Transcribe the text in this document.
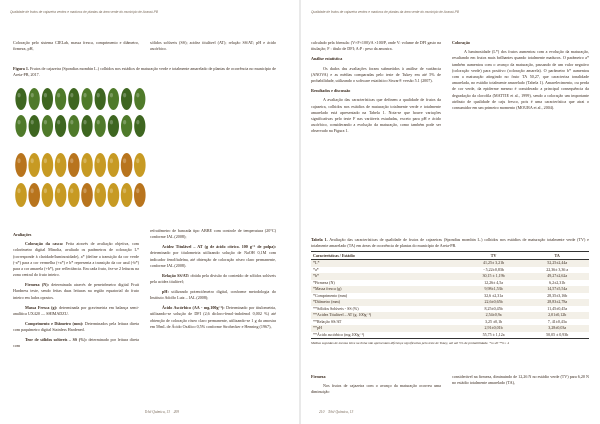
Qualidade de frutos de cajazeira verdes e maduros de plantas da área verde do município de Acaraú-PB

Coloração pelo sistema CIELab, massa fresca, comprimento e diâmetro, firmeza, pH,

sólidos solúveis (SS); acidez titulável (AT); relação SS/AT; pH e ácido ascórbico.

Figura 1. Frutos de cajazeira (Spondias mombin L.) colhidos nos estádios de maturação verde e totalmente amarelado de plantas de ocorrência no município de Areia-PB, 2017.

Avaliações

Coloração da casca: Feita através de avaliação objetiva, com colorímetro digital Minolta, avaliado os parâmetros de coloração L* (corresponde à claridade/luminosidade), a* (define a transição da cor verde (-a*) para a cor vermelha (+a*) e b* representa a transição da cor azul (-b*) para a cor amarela (+b*), por reflectância. Em cada fruto, fez-se 2 leituras na zona central do fruto inteiro.

Firmeza (N): determinada através de penetrômetro digital Fruit Hardness teste, sendo feitas duas leituras na região equatorial do fruto inteiro em lados opostos.

Massa Fresca (g): determinada por gravimetria em balança semi-analítica UX420 — SHIMADZU.

Comprimento e Diâmetro (mm): Determinados pela leitura direta com paquímetro digital Stainless Hardened.

Teor de sólidos solúveis – SS (%): determinado por leitura direta com

refratômetro de bancada tipo ABBE com controle de temperatura (20°C) conforme IAL (2008);

Acidez Titulável – AT (g de ácido cítrico. 100 g⁻¹ de polpa): determinado por titulometria utilizando solução de NaOH 0,1M com indicador fenolftaleína, até obtenção de coloração róseo claro permanente, conforme IAL (2008).

Relação SS/AT: obtida pela divisão do conteúdo de sólidos solúveis pela acidez titulável;

pH: utilizando potenciômetro digital, conforme metodologia do Instituto Adolfo Lutz – IAL (2008);

Ácido Ascórbico (AA - mg.100g⁻¹): Determinado por titulometria, utilizando-se solução de DFI (2,6 dicloro-fenol-indofenol 0,002 %) até obtenção de coloração róseo claro permanente, utilizando-se 1 g da amostra em 50mL de Ácido Oxálico 0,5% conforme Strohecker e Henning (1967),

Tchê Química, 13 209
Qualidade de frutos de cajazeira verdes e maduros de plantas da área verde do município de Acaraú-PB

calculado pela fórmula: (V×F×100)/A ×100/P, onde V: volume de DFI gasto na titulação; F : título de DFI; A:P : peso da amostra.

Análise estatística

Os dados das avaliações foram submetidos à análise de variância (ANOVA) e as médias comparadas pelo teste de Tukey em até 5% de probabilidade, utilizando o software estatístico Sisvar® versão 5.1 (2007).

Resultados e discussão

A avaliação das características que definem a qualidade de frutos da cajazeira, colhidos nos estádios de maturação totalmente verde e totalmente amarelado está apresentado na Tabela 1. Nota-se que houve variações significativas pelo teste F nas variáveis estudadas, exceto para pH e ácido ascórbico, considerando a evolução da maturação, como também pode ser observado na Figura 1.

Coloração

A luminosidade (L*) dos frutos aumentou com a evolução da maturação, resultando em frutos mais brilhantes quando totalmente maduros. O parâmetro a* também aumentou com o avanço da maturação, passando de um valor negativo (coloração verde) para positivo (coloração amarela). O parâmetro b* aumentou com a maturação atingindo no fruto TA 50,27, que caracteriza tonalidade amarelada, no estádio totalmente amarelado (Tabela 1). Amarelecimento, ou perda de cor verde, da epiderme mesmo é considerado a principal consequência da degradação da clorofila (MATTIE et al., 1999), sendo a coloração um importante atributo de qualidade de caju fresco, pois é uma característica que atrai o consumidor em um primeiro momento (MOURA et al., 2004).

Tabela 1. Avaliação das características de qualidade de frutos de cajazeiras (Spondias mombin L.) colhidos nos estádios de maturação totalmente verde (TV) e totalmente amarelado (TA) em áreas de ocorrência de plantas do município de Areia-PB.
Características / Estádio	TV	TA
*L*	41,25± 3,21b	52,25±2,44a
*a*	- 5,22±0,83b	22,36± 3,36 a
*b*	30,15 ± 1,19b	49,27±2,62a
*Firmeza (N)	12,26± 4,5a	6,2±2,31b
*Massa fresca (g)	9,98±1,53b	14,57±5,54a
*Comprimento (mm)	32,6 ±2,31a	28,35±3,16b
*Diâmetro (mm)	22,6±0,65b	28,83±2,78a
**Sólidos Solúveis - SS (%)	8,25±0,45b	11,45±0,45a
**Acidez Titulável – AT (g. 100g⁻¹)	2,54±0,9a	2,01±0,12b
**Relação SS/AT	3,25 ±0,1b	7, 41±0,43a
**pH	2,91±0,01b	3,28±0,03a
**Ácido ascórbico (mg.100g⁻¹)	55,75 ± 1,12a	50,05 ± 0,93b
Médias seguidas de mesma letra na linha não apresentam diferença significativa pelo teste de Tukey, até até 5% de probabilidade. *n=20 **n= 4
Firmeza

Nos frutos de cajazeira com o avanço da maturação ocorreu uma diminuição

considerável na firmeza, diminuindo de 12,26 N no estádio verde (TV) para 6,20 N no estádio totalmente amarelado (TA),

210 Tchê Química, 13
